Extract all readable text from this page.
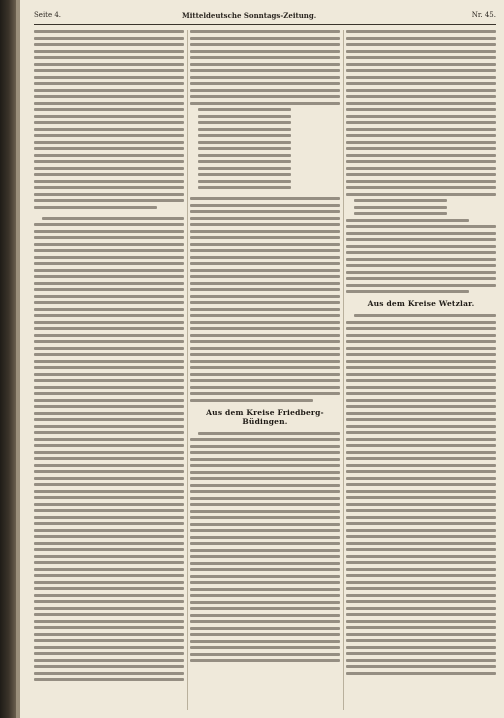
Seite 4.	Mitteldeutsche Sonntags-Zeitung.	Nr. 45.
Aus dem Kreise Friedberg-Büdingen.
Aus dem Kreise Wetzlar.
